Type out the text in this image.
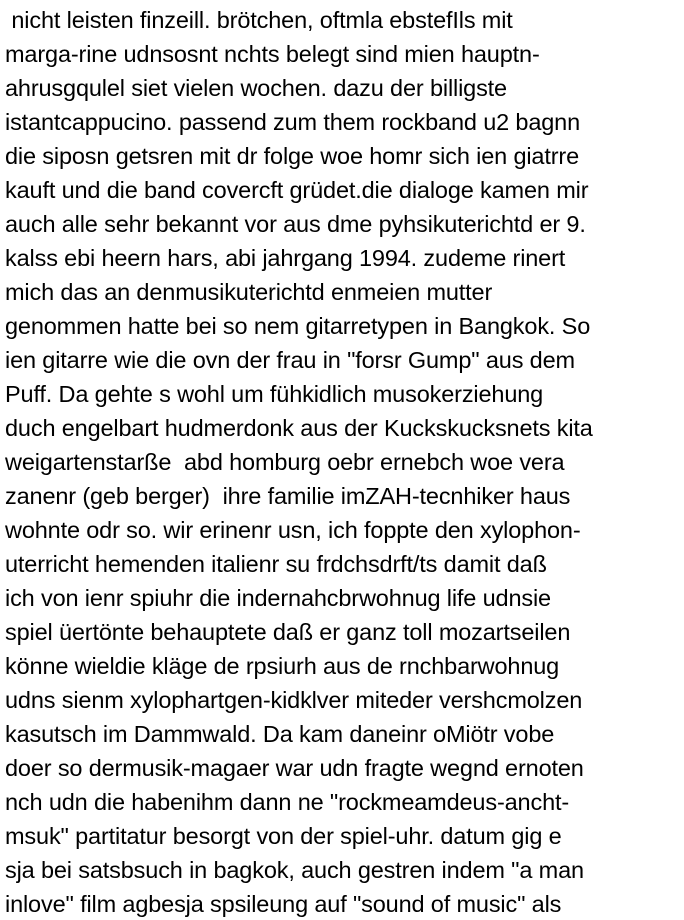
nicht leisten finzeill. brötchen, oftmla ebstefIls mit
marga-rine udnsosnt nchts belegt sind mien hauptn-
ahrusgqulel siet vielen wochen. dazu der billigste
istantcappucino. passend zum them rockband u2 bagnn
die siposn getsren mit dr folge woe homr sich ien giatrre
kauft und die band covercft grüdet.die dialoge kamen mir
auch alle sehr bekannt vor aus dme pyhsikuterichtd er 9.
kalss ebi heern hars, abi jahrgang 1994. zudeme rinert
mich das an denmusikuterichtd enmeien mutter
genommen hatte bei so nem gitarretypen in Bangkok. So
ien gitarre wie die ovn der frau in "forsr Gump" aus dem
Puff. Da gehte s wohl um fühkidlich musokerziehung
duch engelbart hudmerdonk aus der Kuckskucksnets kita
weigartenstarße  abd homburg oebr ernebch woe vera
zanenr (geb berger)  ihre familie imZAH-tecnhiker haus
wohnte odr so. wir erinenr usn, ich foppte den xylophon-
uterricht hemenden italienr su frdchsdrft/ts damit daß
ich von ienr spiuhr die indernahcbrwohnug life udnsie
spiel üertönte behauptete daß er ganz toll mozartseilen
könne wieldie kläge de rpsiurh aus de rnchbarwohnug
udns sienm xylophartgen-kidklver miteder vershcmolzen
kasutsch im Dammwald. Da kam daneinr oMiötr vobe
doer so dermusik-magaer war udn fragte wegnd ernoten
nch udn die habenihm dann ne "rockmeamdeus-ancht-
msuk" partitatur besorgt von der spiel-uhr. datum gig e
sja bei satsbsuch in bagkok, auch gestren indem "a man
inlove" film agbesja spsileung auf "sound of music" als
